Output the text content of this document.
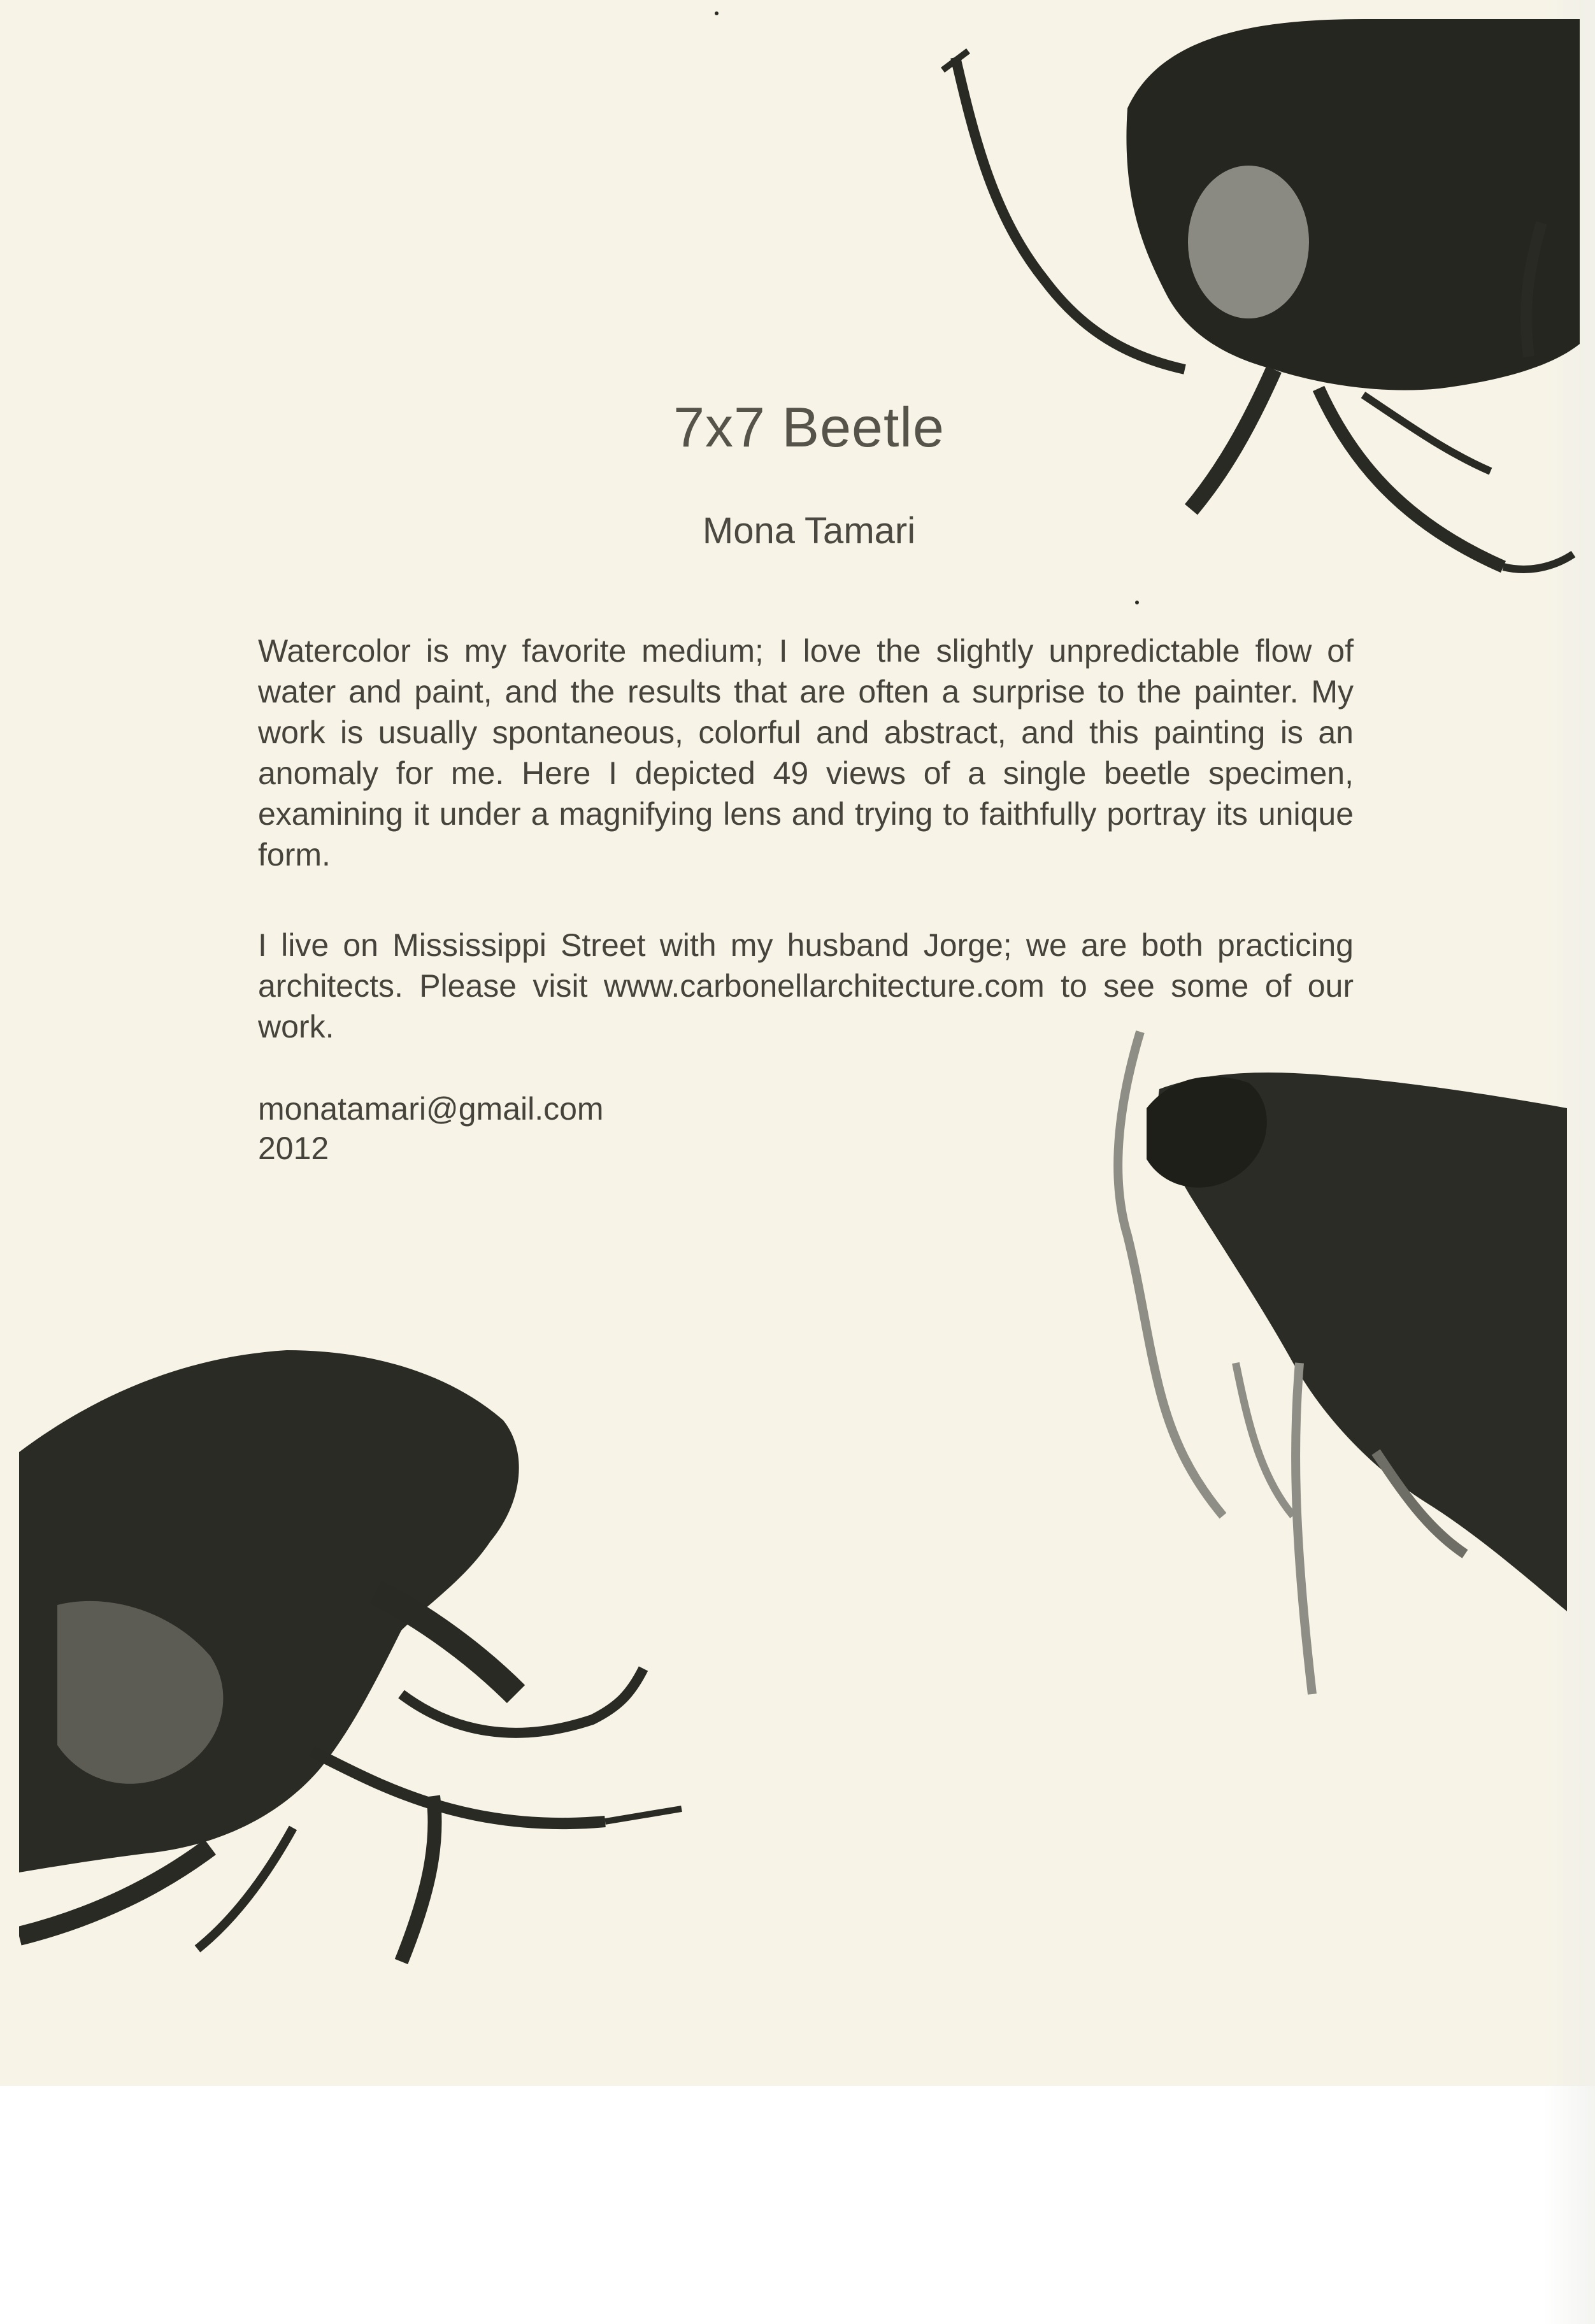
7x7 Beetle
Mona Tamari

Watercolor is my favorite medium; I love the slightly unpredictable flow of water and paint, and the results that are often a surprise to the painter. My work is usually spontaneous, colorful and abstract, and this painting is an anomaly for me. Here I depicted 49 views of a single beetle specimen, examining it under a magnifying lens and trying to faithfully portray its unique form.

I live on Mississippi Street with my husband Jorge; we are both practicing architects. Please visit www.carbonellarchitecture.com to see some of our work.

monatamari@gmail.com
2012
